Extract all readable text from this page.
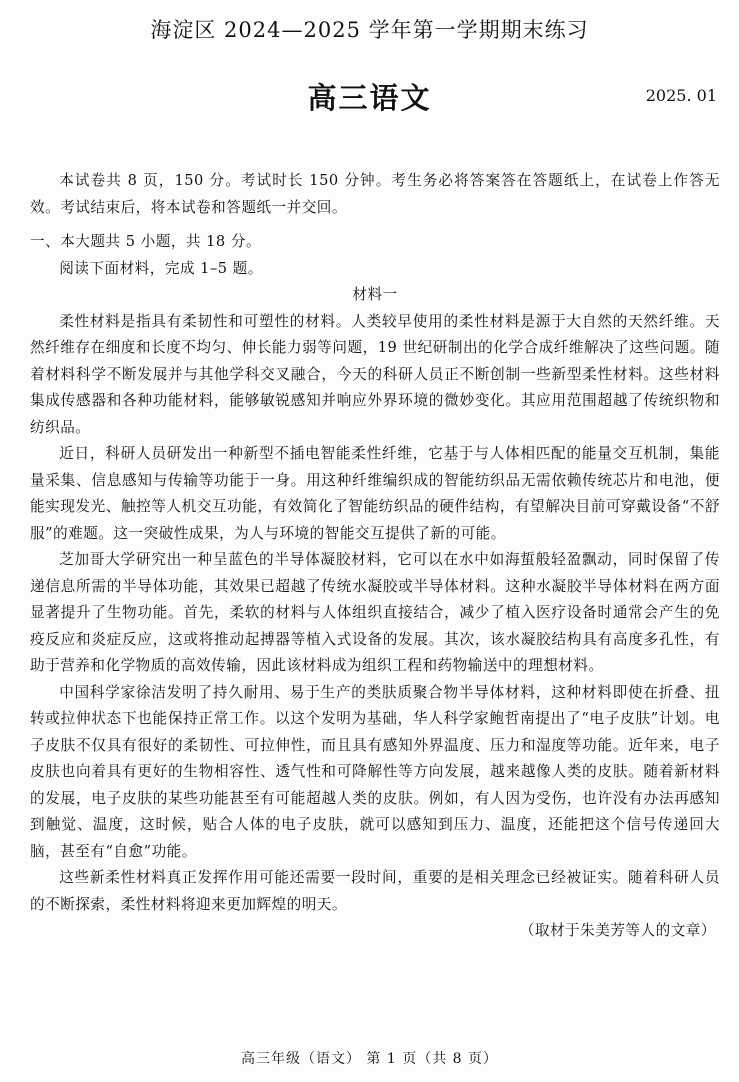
海淀区 2024—2025 学年第一学期期末练习
高三语文	2025. 01

本试卷共 8 页，150 分。考试时长 150 分钟。考生务必将答案答在答题纸上，在试卷上作答无效。考试结束后，将本试卷和答题纸一并交回。

一、本大题共 5 小题，共 18 分。

阅读下面材料，完成 1–5 题。

材料一

柔性材料是指具有柔韧性和可塑性的材料。人类较早使用的柔性材料是源于大自然的天然纤维。天然纤维存在细度和长度不均匀、伸长能力弱等问题，19 世纪研制出的化学合成纤维解决了这些问题。随着材料科学不断发展并与其他学科交叉融合，今天的科研人员正不断创制一些新型柔性材料。这些材料集成传感器和各种功能材料，能够敏锐感知并响应外界环境的微妙变化。其应用范围超越了传统织物和纺织品。

近日，科研人员研发出一种新型不插电智能柔性纤维，它基于与人体相匹配的能量交互机制，集能量采集、信息感知与传输等功能于一身。用这种纤维编织成的智能纺织品无需依赖传统芯片和电池，便能实现发光、触控等人机交互功能，有效简化了智能纺织品的硬件结构，有望解决目前可穿戴设备“不舒服”的难题。这一突破性成果，为人与环境的智能交互提供了新的可能。

芝加哥大学研究出一种呈蓝色的半导体凝胶材料，它可以在水中如海蜇般轻盈飘动，同时保留了传递信息所需的半导体功能，其效果已超越了传统水凝胶或半导体材料。这种水凝胶半导体材料在两方面显著提升了生物功能。首先，柔软的材料与人体组织直接结合，减少了植入医疗设备时通常会产生的免疫反应和炎症反应，这或将推动起搏器等植入式设备的发展。其次，该水凝胶结构具有高度多孔性，有助于营养和化学物质的高效传输，因此该材料成为组织工程和药物输送中的理想材料。

中国科学家徐洁发明了持久耐用、易于生产的类肤质聚合物半导体材料，这种材料即使在折叠、扭转或拉伸状态下也能保持正常工作。以这个发明为基础，华人科学家鲍哲南提出了“电子皮肤”计划。电子皮肤不仅具有很好的柔韧性、可拉伸性，而且具有感知外界温度、压力和湿度等功能。近年来，电子皮肤也向着具有更好的生物相容性、透气性和可降解性等方向发展，越来越像人类的皮肤。随着新材料的发展，电子皮肤的某些功能甚至有可能超越人类的皮肤。例如，有人因为受伤，也许没有办法再感知到触觉、温度，这时候，贴合人体的电子皮肤，就可以感知到压力、温度，还能把这个信号传递回大脑，甚至有“自愈”功能。

这些新柔性材料真正发挥作用可能还需要一段时间，重要的是相关理念已经被证实。随着科研人员的不断探索，柔性材料将迎来更加辉煌的明天。

（取材于朱美芳等人的文章）

高三年级（语文） 第 1 页（共 8 页）
